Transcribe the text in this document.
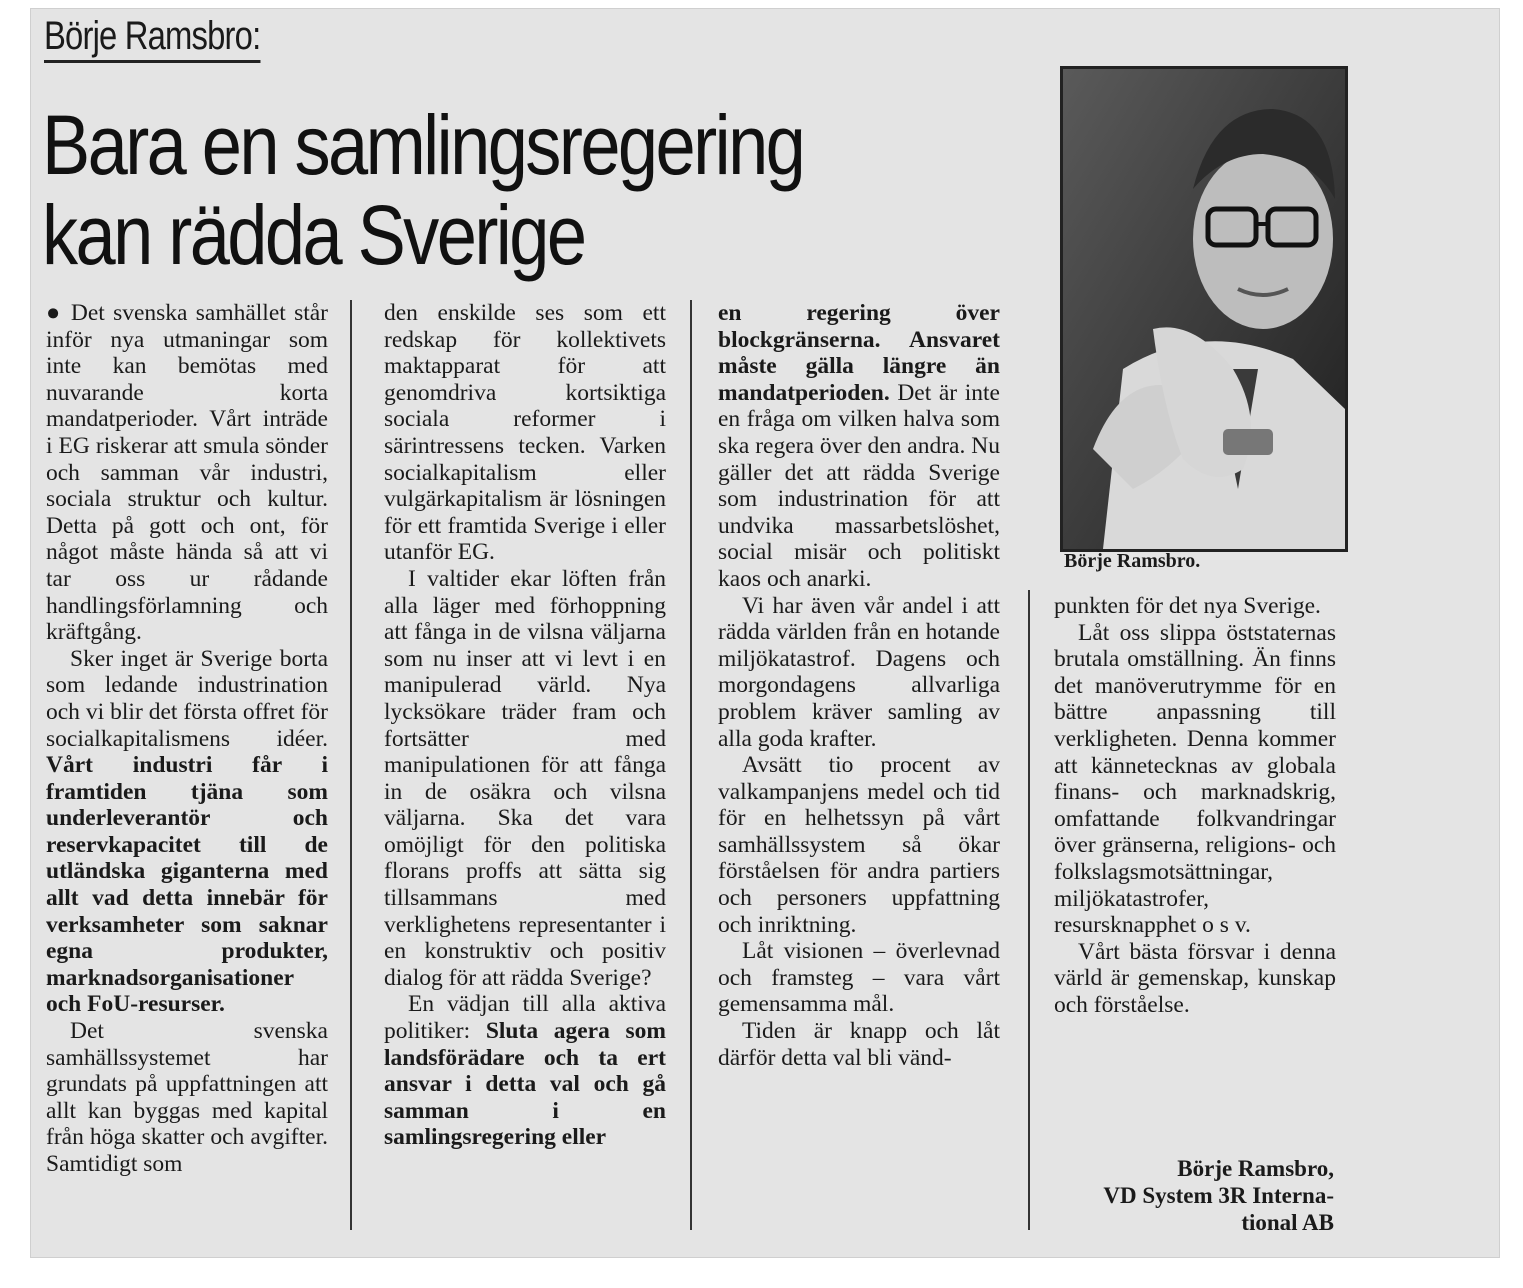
Börje Ramsbro:
Bara en samlingsregering
kan rädda Sverige

● Det svenska samhället står inför nya utmaningar som inte kan bemötas med nuvarande korta mandatperioder. Vårt inträde i EG riskerar att smula sönder och samman vår industri, sociala struktur och kultur. Detta på gott och ont, för något måste hända så att vi tar oss ur rådande handlingsförlamning och kräftgång.

Sker inget är Sverige borta som ledande industrination och vi blir det första offret för socialkapitalismens idéer. Vårt industri får i framtiden tjäna som underleverantör och reservkapacitet till de utländska giganterna med allt vad detta innebär för verksamheter som saknar egna produkter, marknadsorganisationer och FoU-resurser.

Det svenska samhällssystemet har grundats på uppfattningen att allt kan byggas med kapital från höga skatter och avgifter. Samtidigt som

den enskilde ses som ett redskap för kollektivets maktapparat för att genomdriva kortsiktiga sociala reformer i särintressens tecken. Varken socialkapitalism eller vulgärkapitalism är lösningen för ett framtida Sverige i eller utanför EG.

I valtider ekar löften från alla läger med förhoppning att fånga in de vilsna väljarna som nu inser att vi levt i en manipulerad värld. Nya lycksökare träder fram och fortsätter med manipulationen för att fånga in de osäkra och vilsna väljarna. Ska det vara omöjligt för den politiska florans proffs att sätta sig tillsammans med verklighetens representanter i en konstruktiv och positiv dialog för att rädda Sverige?

En vädjan till alla aktiva politiker: Sluta agera som landsförädare och ta ert ansvar i detta val och gå samman i en samlingsregering eller

en regering över blockgränserna. Ansvaret måste gälla längre än mandatperioden. Det är inte en fråga om vilken halva som ska regera över den andra. Nu gäller det att rädda Sverige som industrination för att undvika massarbetslöshet, social misär och politiskt kaos och anarki.

Vi har även vår andel i att rädda världen från en hotande miljökatastrof. Dagens och morgondagens allvarliga problem kräver samling av alla goda krafter.

Avsätt tio procent av valkampanjens medel och tid för en helhetssyn på vårt samhällssystem så ökar förståelsen för andra partiers och personers uppfattning och inriktning.

Låt visionen – överlevnad och framsteg – vara vårt gemensamma mål.

Tiden är knapp och låt därför detta val bli vänd-

Börje Ramsbro.

punkten för det nya Sverige.

Låt oss slippa öststaternas brutala omställning. Än finns det manöverutrymme för en bättre anpassning till verkligheten. Denna kommer att kännetecknas av globala finans- och marknadskrig, omfattande folkvandringar över gränserna, religions- och folkslagsmotsättningar, miljökatastrofer, resursknapphet o s v.

Vårt bästa försvar i denna värld är gemenskap, kunskap och förståelse.

Börje Ramsbro,
VD System 3R Interna-
tional AB
